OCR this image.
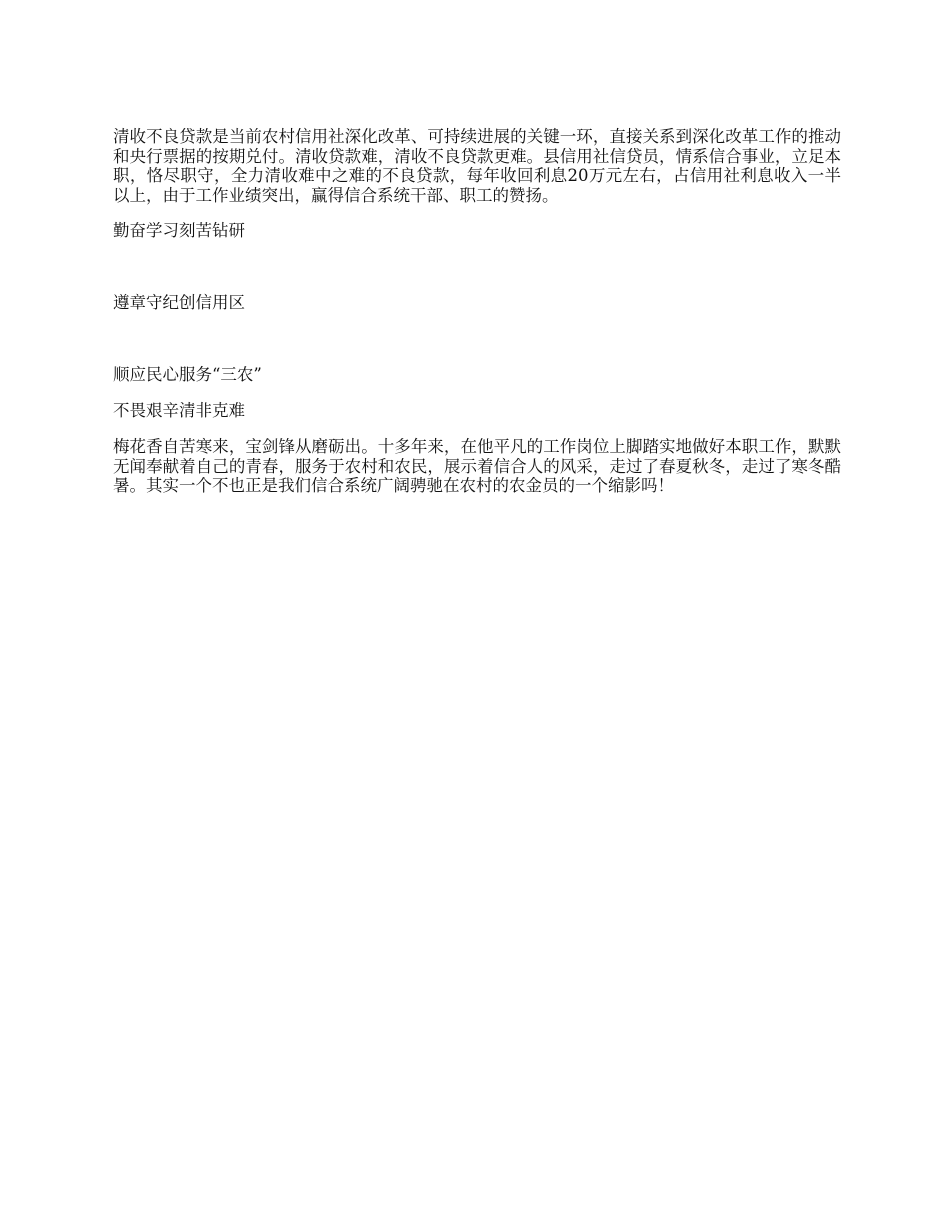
清收不良贷款是当前农村信用社深化改革、可持续进展的关键一环，直接关系到深化改革工作的推动和央行票据的按期兑付。清收贷款难，清收不良贷款更难。县信用社信贷员，情系信合事业，立足本职，恪尽职守，全力清收难中之难的不良贷款，每年收回利息20万元左右，占信用社利息收入一半以上，由于工作业绩突出，赢得信合系统干部、职工的赞扬。

勤奋学习刻苦钻研

遵章守纪创信用区

顺应民心服务“三农”

不畏艰辛清非克难

梅花香自苦寒来，宝剑锋从磨砺出。十多年来，在他平凡的工作岗位上脚踏实地做好本职工作，默默无闻奉献着自己的青春，服务于农村和农民，展示着信合人的风采，走过了春夏秋冬，走过了寒冬酷暑。其实一个不也正是我们信合系统广阔骋驰在农村的农金员的一个缩影吗！
